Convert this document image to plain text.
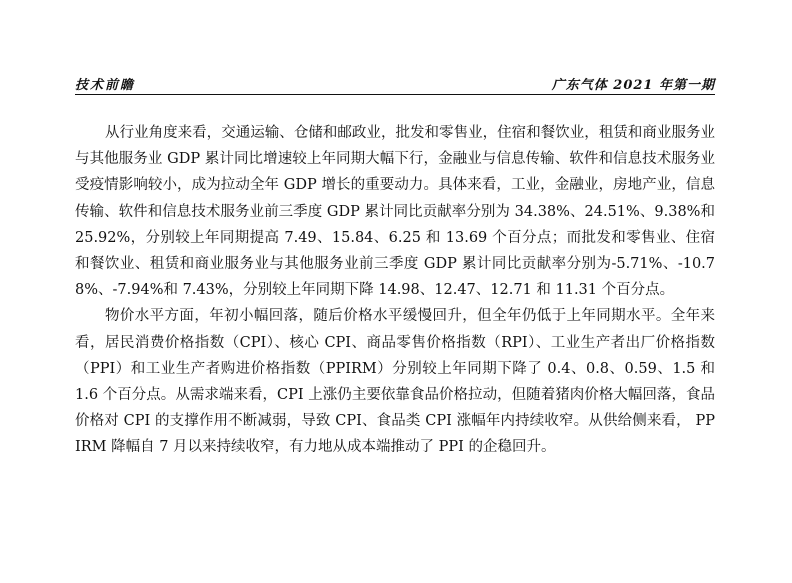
技术前瞻	广东气体 2021 年第一期

从行业角度来看，交通运输、仓储和邮政业，批发和零售业，住宿和餐饮业，租赁和商业服务业与其他服务业 GDP 累计同比增速较上年同期大幅下行，金融业与信息传输、软件和信息技术服务业受疫情影响较小，成为拉动全年 GDP 增长的重要动力。具体来看，工业，金融业，房地产业，信息传输、软件和信息技术服务业前三季度 GDP 累计同比贡献率分别为 34.38%、24.51%、9.38%和 25.92%，分别较上年同期提高 7.49、15.84、6.25 和 13.69 个百分点；而批发和零售业、住宿和餐饮业、租赁和商业服务业与其他服务业前三季度 GDP 累计同比贡献率分别为-5.71%、-10.78%、-7.94%和 7.43%，分别较上年同期下降 14.98、12.47、12.71 和 11.31 个百分点。

物价水平方面，年初小幅回落，随后价格水平缓慢回升，但全年仍低于上年同期水平。全年来看，居民消费价格指数（CPI）、核心 CPI、商品零售价格指数（RPI）、工业生产者出厂价格指数（PPI）和工业生产者购进价格指数（PPIRM）分别较上年同期下降了 0.4、0.8、0.59、1.5 和 1.6 个百分点。从需求端来看，CPI 上涨仍主要依靠食品价格拉动，但随着猪肉价格大幅回落，食品价格对 CPI 的支撑作用不断减弱，导致 CPI、食品类 CPI 涨幅年内持续收窄。从供给侧来看， PPIRM 降幅自 7 月以来持续收窄，有力地从成本端推动了 PPI 的企稳回升。
